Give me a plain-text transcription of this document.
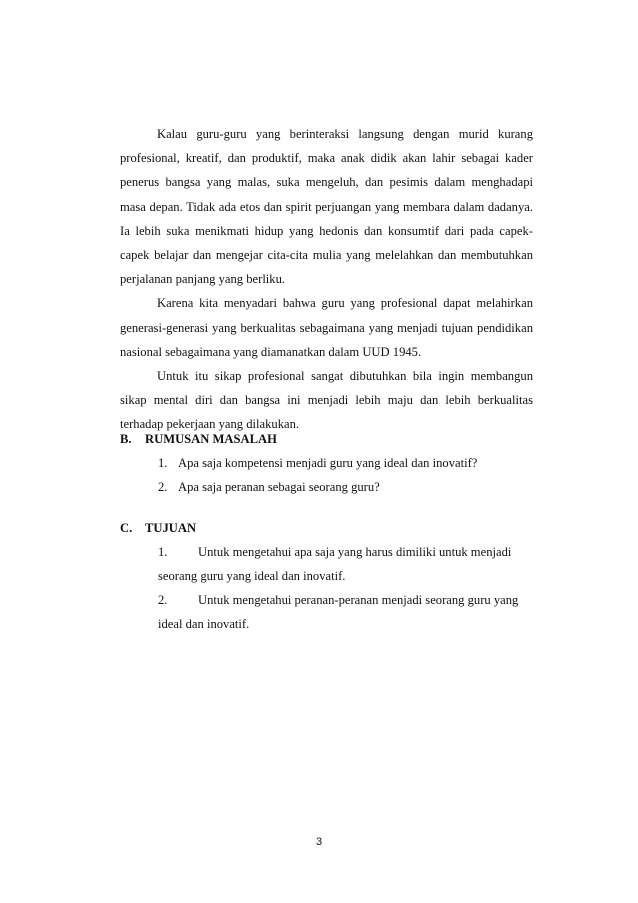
Kalau guru-guru yang berinteraksi langsung dengan murid kurang profesional, kreatif, dan produktif, maka anak didik akan lahir sebagai kader penerus bangsa yang malas, suka mengeluh, dan pesimis dalam menghadapi masa depan. Tidak ada etos dan spirit perjuangan yang membara dalam dadanya. Ia lebih suka menikmati hidup yang hedonis dan konsumtif dari pada capek-capek belajar dan mengejar cita-cita mulia yang melelahkan dan membutuhkan perjalanan panjang yang berliku.

Karena kita menyadari bahwa guru yang profesional dapat melahirkan generasi-generasi yang berkualitas sebagaimana yang menjadi tujuan pendidikan nasional sebagaimana yang diamanatkan dalam UUD 1945.

Untuk itu sikap profesional sangat dibutuhkan bila ingin membangun sikap mental diri dan bangsa ini menjadi lebih maju dan lebih berkualitas terhadap pekerjaan yang dilakukan.

B. RUMUSAN MASALAH
1. Apa saja kompetensi menjadi guru yang ideal dan inovatif?
2. Apa saja peranan sebagai seorang guru?
C. TUJUAN
1. Untuk mengetahui apa saja yang harus dimiliki untuk menjadi
seorang guru yang ideal dan inovatif.
2. Untuk mengetahui peranan-peranan menjadi seorang guru yang
ideal dan inovatif.
3
